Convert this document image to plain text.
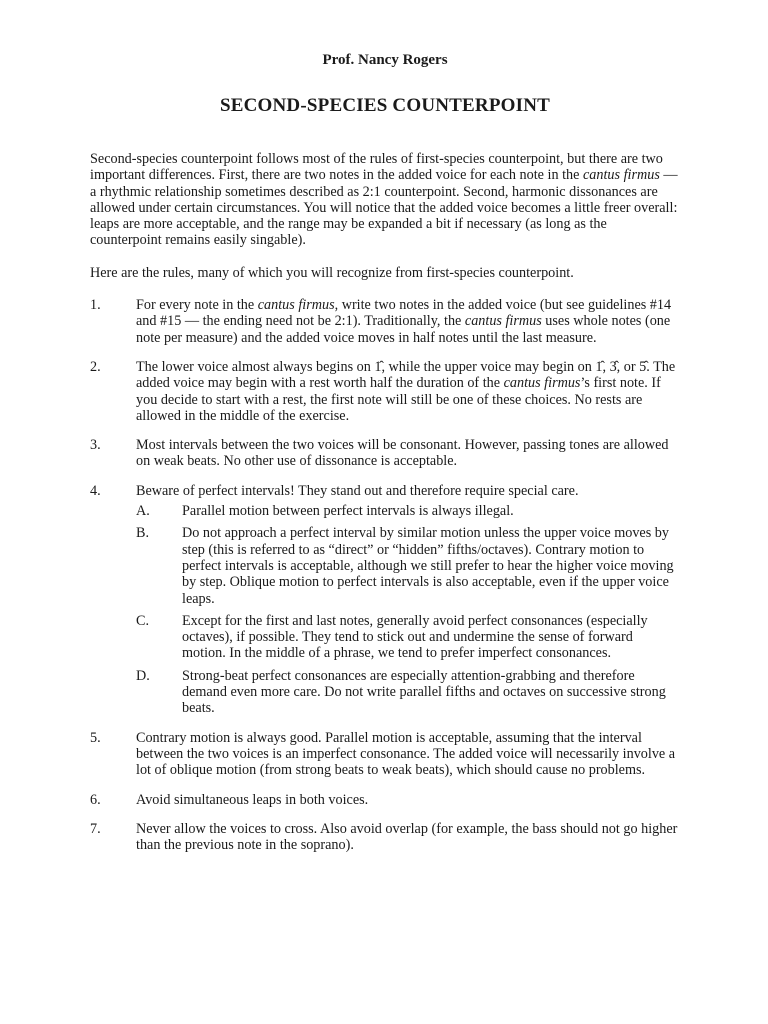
Prof. Nancy Rogers
SECOND-SPECIES COUNTERPOINT

Second-species counterpoint follows most of the rules of first-species counterpoint, but there are two important differences. First, there are two notes in the added voice for each note in the cantus firmus — a rhythmic relationship sometimes described as 2:1 counterpoint. Second, harmonic dissonances are allowed under certain circumstances. You will notice that the added voice becomes a little freer overall: leaps are more acceptable, and the range may be expanded a bit if necessary (as long as the counterpoint remains easily singable).

Here are the rules, many of which you will recognize from first-species counterpoint.

1. For every note in the cantus firmus, write two notes in the added voice (but see guidelines #14 and #15 — the ending need not be 2:1). Traditionally, the cantus firmus uses whole notes (one note per measure) and the added voice moves in half notes until the last measure.
2. The lower voice almost always begins on 1̂, while the upper voice may begin on 1̂, 3̂, or 5̂. The added voice may begin with a rest worth half the duration of the cantus firmus’s first note. If you decide to start with a rest, the first note will still be one of these choices. No rests are allowed in the middle of the exercise.
3. Most intervals between the two voices will be consonant. However, passing tones are allowed on weak beats. No other use of dissonance is acceptable.
4. Beware of perfect intervals! They stand out and therefore require special care.
A. Parallel motion between perfect intervals is always illegal.
B. Do not approach a perfect interval by similar motion unless the upper voice moves by step (this is referred to as “direct” or “hidden” fifths/octaves). Contrary motion to perfect intervals is acceptable, although we still prefer to hear the higher voice moving by step. Oblique motion to perfect intervals is also acceptable, even if the upper voice leaps.
C. Except for the first and last notes, generally avoid perfect consonances (especially octaves), if possible. They tend to stick out and undermine the sense of forward motion. In the middle of a phrase, we tend to prefer imperfect consonances.
D. Strong-beat perfect consonances are especially attention-grabbing and therefore demand even more care. Do not write parallel fifths and octaves on successive strong beats.
5. Contrary motion is always good. Parallel motion is acceptable, assuming that the interval between the two voices is an imperfect consonance. The added voice will necessarily involve a lot of oblique motion (from strong beats to weak beats), which should cause no problems.
6. Avoid simultaneous leaps in both voices.
7. Never allow the voices to cross. Also avoid overlap (for example, the bass should not go higher than the previous note in the soprano).
